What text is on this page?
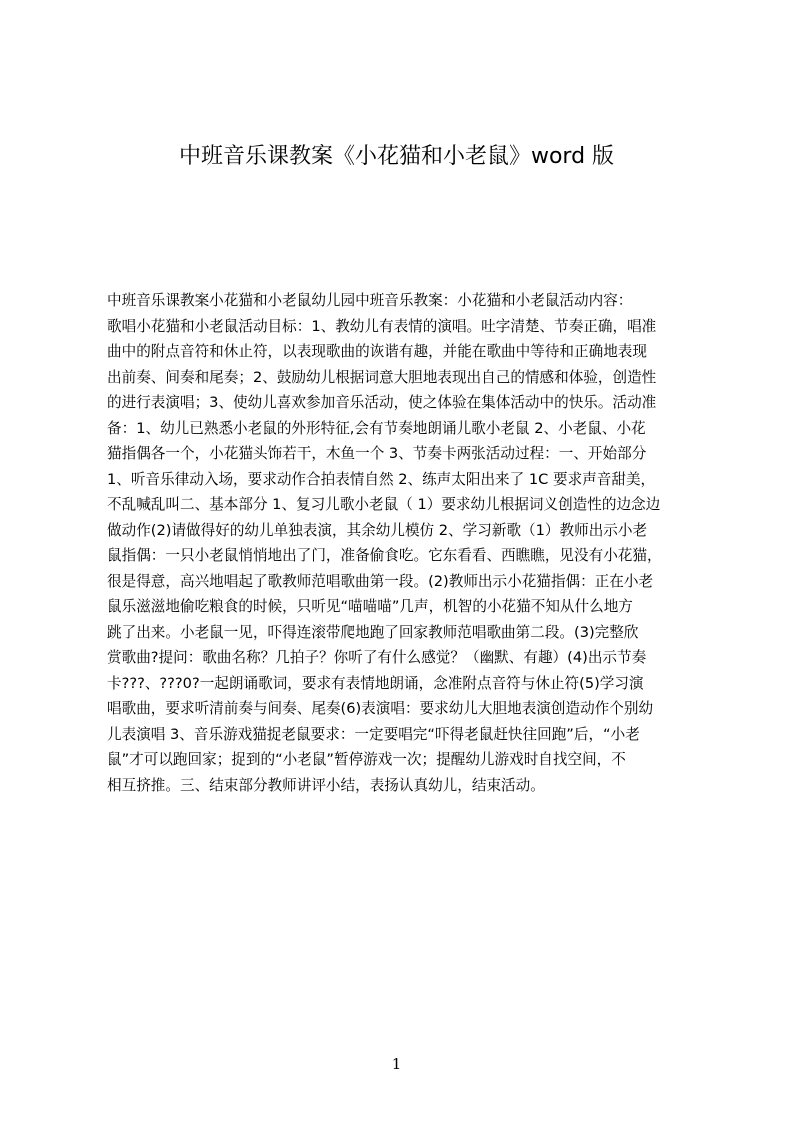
中班音乐课教案《小花猫和小老鼠》word 版
中班音乐课教案小花猫和小老鼠幼儿园中班音乐教案：小花猫和小老鼠活动内容：
歌唱小花猫和小老鼠活动目标：1、教幼儿有表情的演唱。吐字清楚、节奏正确，唱准
曲中的附点音符和休止符，以表现歌曲的诙谐有趣，并能在歌曲中等待和正确地表现
出前奏、间奏和尾奏；2、鼓励幼儿根据词意大胆地表现出自己的情感和体验，创造性
的进行表演唱；3、使幼儿喜欢参加音乐活动，使之体验在集体活动中的快乐。活动准
备：1、幼儿已熟悉小老鼠的外形特征,会有节奏地朗诵儿歌小老鼠 2、小老鼠、小花
猫指偶各一个，小花猫头饰若干，木鱼一个 3、节奏卡两张活动过程：一、开始部分
1、听音乐律动入场，要求动作合拍表情自然 2、练声太阳出来了 1C 要求声音甜美，
不乱喊乱叫二、基本部分 1、复习儿歌小老鼠（ 1）要求幼儿根据词义创造性的边念边
做动作(2)请做得好的幼儿单独表演，其余幼儿模仿 2、学习新歌（1）教师出示小老
鼠指偶：一只小老鼠悄悄地出了门，准备偷食吃。它东看看、西瞧瞧，见没有小花猫，
很是得意，高兴地唱起了歌教师范唱歌曲第一段。(2)教师出示小花猫指偶：正在小老
鼠乐滋滋地偷吃粮食的时候，只听见“喵喵喵”几声，机智的小花猫不知从什么地方
跳了出来。小老鼠一见，吓得连滚带爬地跑了回家教师范唱歌曲第二段。(3)完整欣
赏歌曲?提问：歌曲名称？几拍子？你听了有什么感觉？（幽默、有趣）(4)出示节奏
卡???、???0?一起朗诵歌词，要求有表情地朗诵，念准附点音符与休止符(5)学习演
唱歌曲，要求听清前奏与间奏、尾奏(6)表演唱：要求幼儿大胆地表演创造动作个别幼
儿表演唱 3、音乐游戏猫捉老鼠要求：一定要唱完“吓得老鼠赶快往回跑”后，“小老
鼠”才可以跑回家；捉到的“小老鼠”暂停游戏一次；提醒幼儿游戏时自找空间，不
相互挤推。三、结束部分教师讲评小结，表扬认真幼儿，结束活动。
1
